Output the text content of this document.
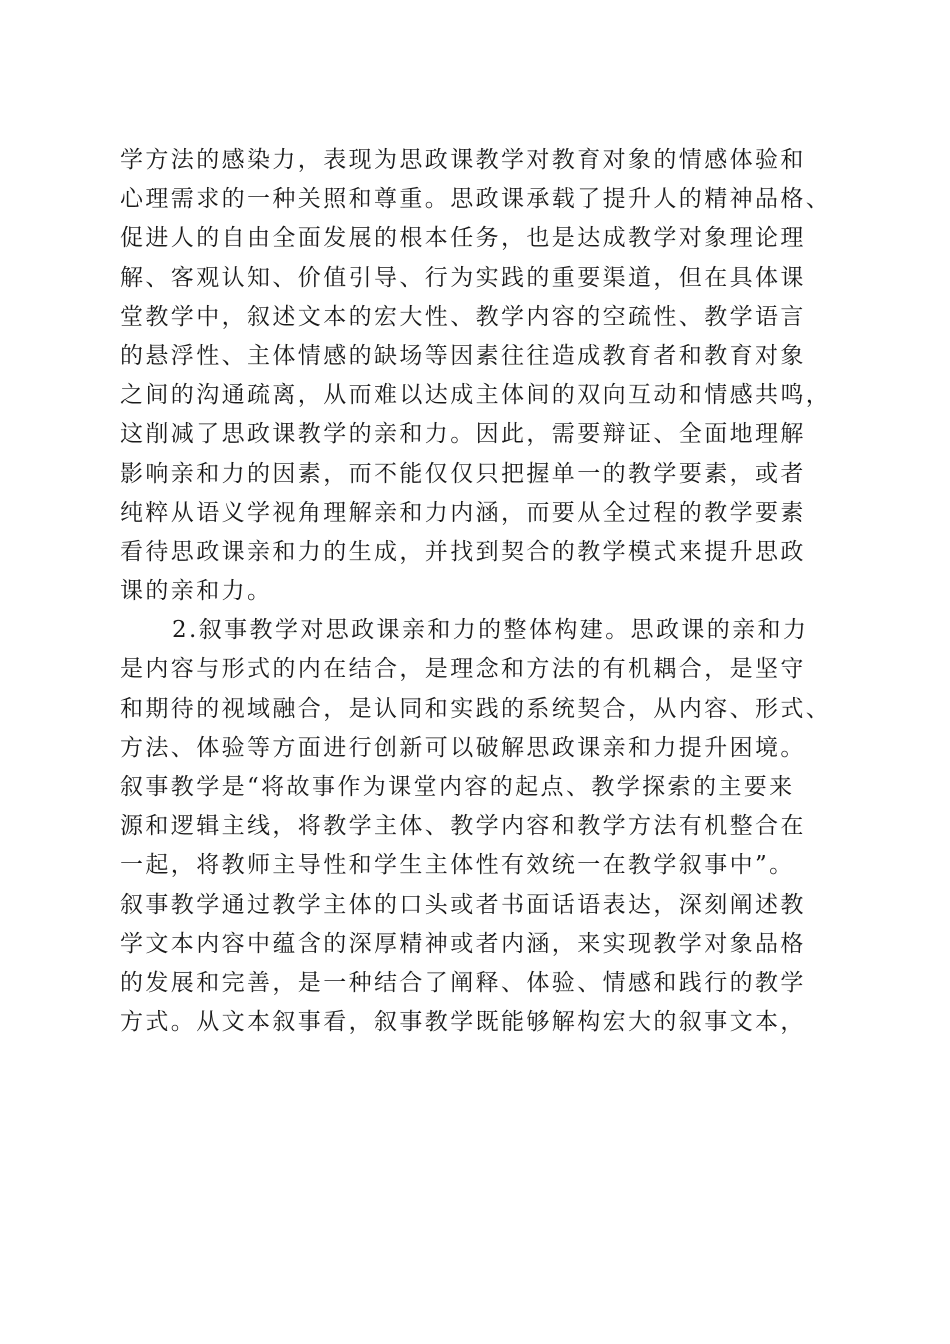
学方法的感染力，表现为思政课教学对教育对象的情感体验和
心理需求的一种关照和尊重。思政课承载了提升人的精神品格、
促进人的自由全面发展的根本任务，也是达成教学对象理论理
解、客观认知、价值引导、行为实践的重要渠道，但在具体课
堂教学中，叙述文本的宏大性、教学内容的空疏性、教学语言
的悬浮性、主体情感的缺场等因素往往造成教育者和教育对象
之间的沟通疏离，从而难以达成主体间的双向互动和情感共鸣，
这削减了思政课教学的亲和力。因此，需要辩证、全面地理解
影响亲和力的因素，而不能仅仅只把握单一的教学要素，或者
纯粹从语义学视角理解亲和力内涵，而要从全过程的教学要素
看待思政课亲和力的生成，并找到契合的教学模式来提升思政
课的亲和力。
2.叙事教学对思政课亲和力的整体构建。思政课的亲和力
是内容与形式的内在结合，是理念和方法的有机耦合，是坚守
和期待的视域融合，是认同和实践的系统契合，从内容、形式、
方法、体验等方面进行创新可以破解思政课亲和力提升困境。
叙事教学是“将故事作为课堂内容的起点、教学探索的主要来
源和逻辑主线，将教学主体、教学内容和教学方法有机整合在
一起，将教师主导性和学生主体性有效统一在教学叙事中”。
叙事教学通过教学主体的口头或者书面话语表达，深刻阐述教
学文本内容中蕴含的深厚精神或者内涵，来实现教学对象品格
的发展和完善，是一种结合了阐释、体验、情感和践行的教学
方式。从文本叙事看，叙事教学既能够解构宏大的叙事文本，
